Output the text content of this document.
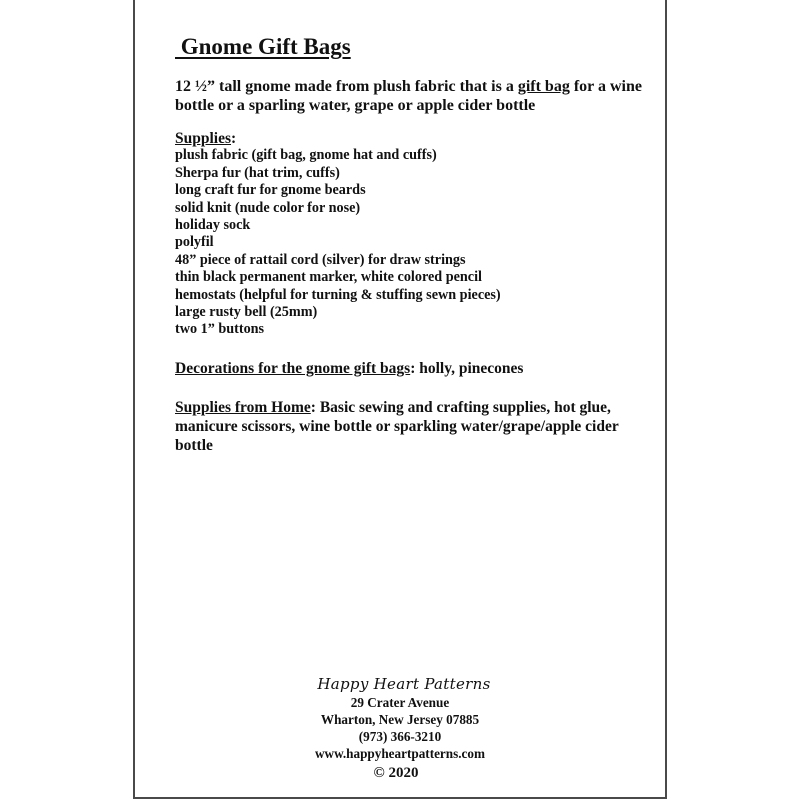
Gnome Gift Bags
12 ½” tall gnome made from plush fabric that is a gift bag for a wine bottle or a sparling water, grape or apple cider bottle
Supplies:
plush fabric (gift bag, gnome hat and cuffs)
Sherpa fur (hat trim, cuffs)
long craft fur for gnome beards
solid knit (nude color for nose)
holiday sock
polyfil
48” piece of rattail cord (silver) for draw strings
thin black permanent marker, white colored pencil
hemostats (helpful for turning & stuffing sewn pieces)
large rusty bell (25mm)
two 1” buttons
Decorations for the gnome gift bags: holly, pinecones
Supplies from Home: Basic sewing and crafting supplies, hot glue, manicure scissors, wine bottle or sparkling water/grape/apple cider bottle
Happy Heart Patterns
29 Crater Avenue
Wharton, New Jersey 07885
(973) 366-3210
www.happyheartpatterns.com
© 2020
